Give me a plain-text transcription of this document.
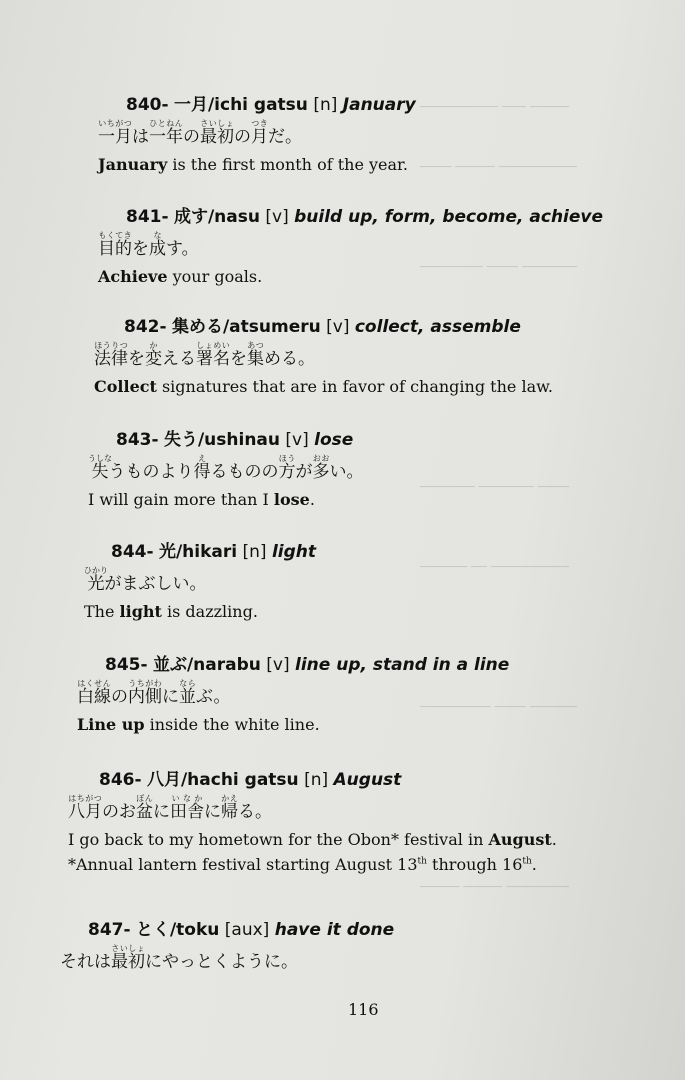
───── ─── ──────────
────────── ───── ────
─────── ──── ────────
──── ─────── ───────
────────── ── ──────
────── ──── ─────────
──────── ───── ─────
840- 一月/ichi gatsu [n] January
一月いちがつは一年ひとねんの最初さいしょの月つきだ。
January is the first month of the year.
841- 成す/nasu [v] build up, form, become, achieve
目的もくてきを成なす。
Achieve your goals.
842- 集める/atsumeru [v] collect, assemble
法律ほうりつを変かえる署名しょめいを集あつめる。
Collect signatures that are in favor of changing the law.
843- 失う/ushinau [v] lose
失うしなうものより得えるものの方ほうが多おおい。
I will gain more than I lose.
844- 光/hikari [n] light
光ひかりがまぶしい。
The light is dazzling.
845- 並ぶ/narabu [v] line up, stand in a line
白線はくせんの内側うちがわに並ならぶ。
Line up inside the white line.
846- 八月/hachi gatsu [n] August
八月はちがつのお盆ぼんに田舎いなかに帰かえる。
I go back to my hometown for the Obon* festival in August.
*Annual lantern festival starting August 13th through 16th.
847- とく/toku [aux] have it done
それは最初さいしょにやっとくように。
116
